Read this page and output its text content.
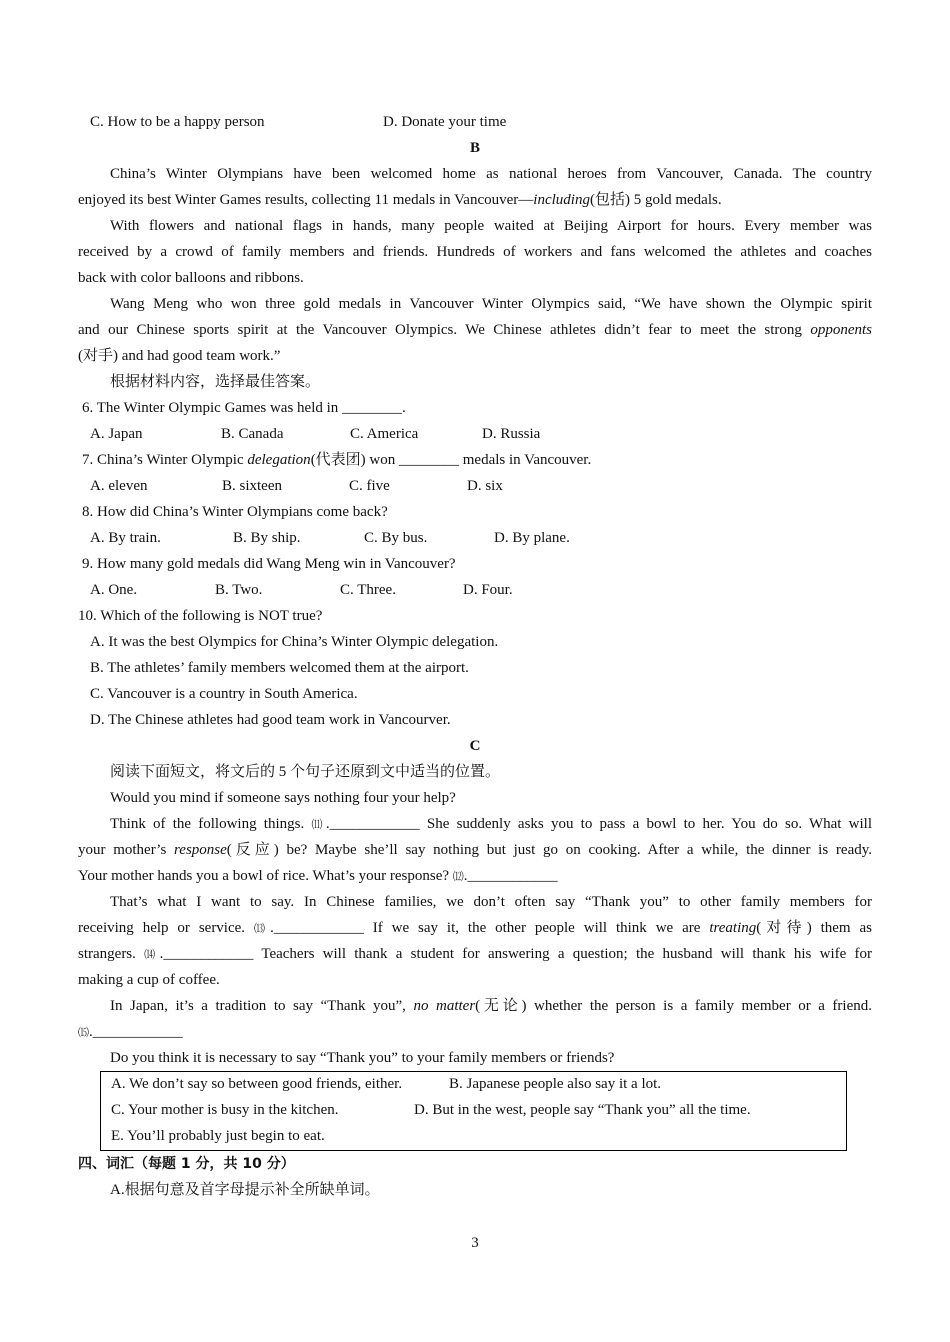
C. How to be a happy person	D. Donate your time
B
China’s Winter Olympians have been welcomed home as national heroes from Vancouver, Canada. The country
enjoyed its best Winter Games results, collecting 11 medals in Vancouver—including(包括) 5 gold medals.
With flowers and national flags in hands, many people waited at Beijing Airport for hours. Every member was
received by a crowd of family members and friends. Hundreds of workers and fans welcomed the athletes and coaches
back with color balloons and ribbons.
Wang Meng who won three gold medals in Vancouver Winter Olympics said, “We have shown the Olympic spirit
and our Chinese sports spirit at the Vancouver Olympics. We Chinese athletes didn’t fear to meet the strong opponents
(对手) and had good team work.”
根据材料内容，选择最佳答案。
6. The Winter Olympic Games was held in ________.
A. Japan	B. Canada	C. America	D. Russia
7. China’s Winter Olympic delegation(代表团) won ________ medals in Vancouver.
A. eleven	B. sixteen	C. five	D. six
8. How did China’s Winter Olympians come back?
A. By train.	B. By ship.	C. By bus.	D. By plane.
9. How many gold medals did Wang Meng win in Vancouver?
A. One.	B. Two.	C. Three.	D. Four.
10. Which of the following is NOT true?
A. It was the best Olympics for China’s Winter Olympic delegation.
B. The athletes’ family members welcomed them at the airport.
C. Vancouver is a country in South America.
D. The Chinese athletes had good team work in Vancourver.
C
阅读下面短文，将文后的 5 个句子还原到文中适当的位置。
Would you mind if someone says nothing four your help?
Think of the following things. ⑾.____________ She suddenly asks you to pass a bowl to her. You do so. What will
your mother’s response(反应) be? Maybe she’ll say nothing but just go on cooking. After a while, the dinner is ready.
Your mother hands you a bowl of rice. What’s your response? ⑿.____________
That’s what I want to say. In Chinese families, we don’t often say “Thank you” to other family members for
receiving help or service. ⒀.____________ If we say it, the other people will think we are treating(对待) them as
strangers. ⒁.____________ Teachers will thank a student for answering a question; the husband will thank his wife for
making a cup of coffee.
In Japan, it’s a tradition to say “Thank you”, no matter(无论) whether the person is a family member or a friend.
⒂.____________
Do you think it is necessary to say “Thank you” to your family members or friends?
A. We don’t say so between good friends, either.	B. Japanese people also say it a lot.
C. Your mother is busy in the kitchen.	D. But in the west, people say “Thank you” all the time.
E. You’ll probably just begin to eat.
四、词汇（每题 1 分，共 10 分）
A.根据句意及首字母提示补全所缺单词。
3
